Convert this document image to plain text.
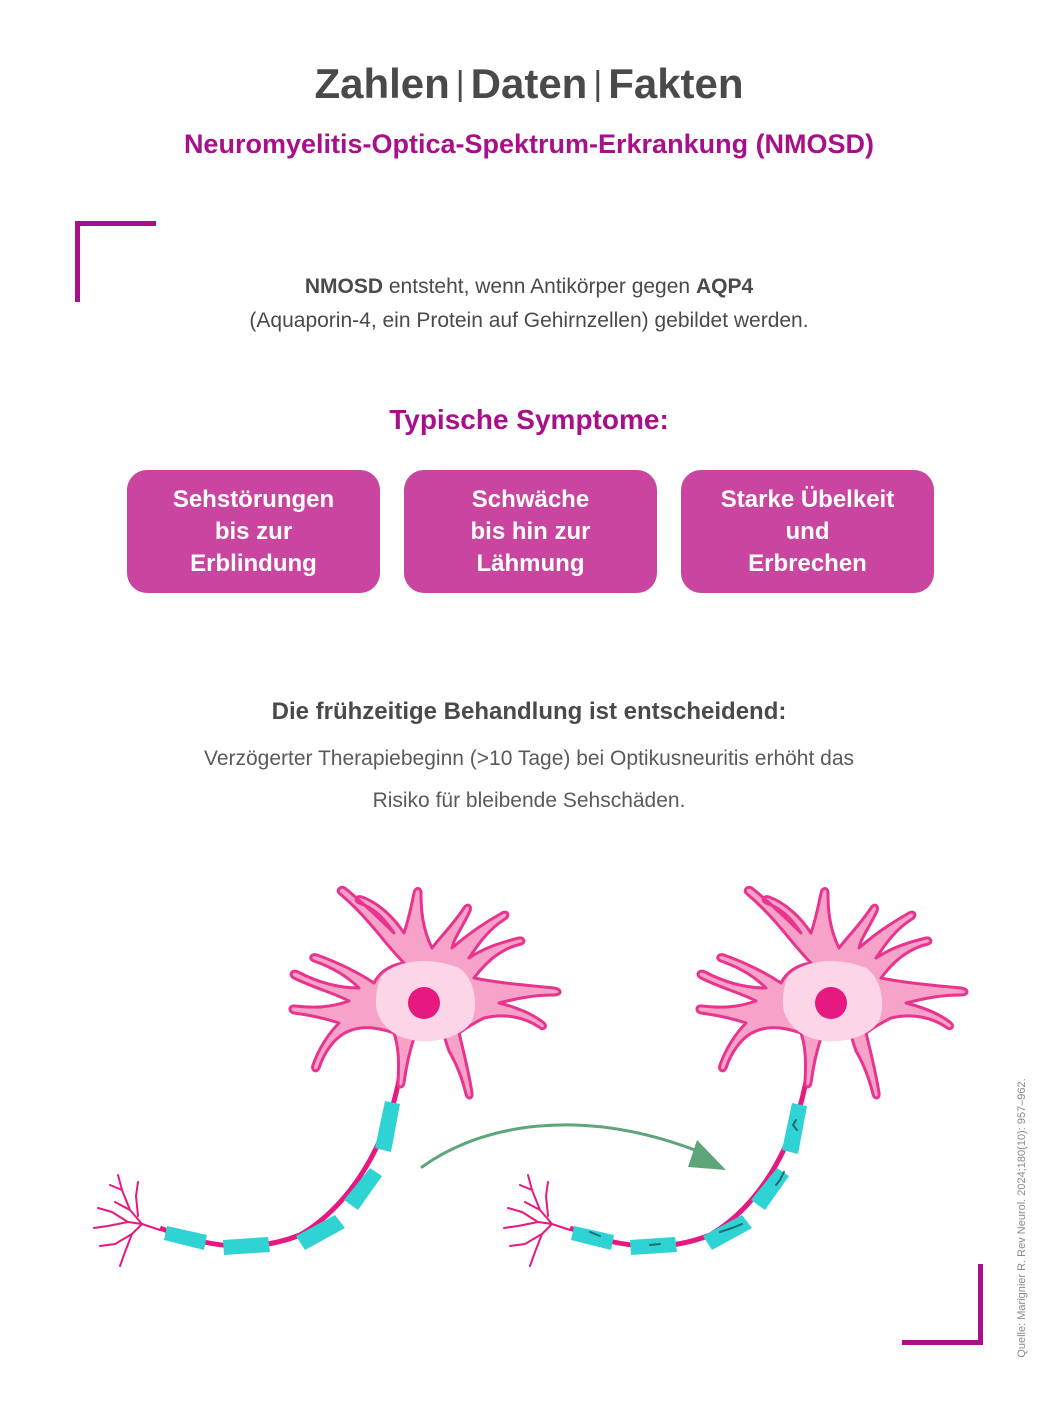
Zahlen | Daten | Fakten
Neuromyelitis-Optica-Spektrum-Erkrankung (NMOSD)
NMOSD entsteht, wenn Antikörper gegen AQP4
(Aquaporin-4, ein Protein auf Gehirnzellen) gebildet werden.
Typische Symptome:
Sehstörungen
bis zur
Erblindung
Schwäche
bis hin zur
Lähmung
Starke Übelkeit
und
Erbrechen
Die frühzeitige Behandlung ist entscheidend:
Verzögerter Therapiebeginn (>10 Tage) bei Optikusneuritis erhöht das
Risiko für bleibende Sehschäden.
Quelle: Marignier R. Rev Neurol. 2024;180(10): 957–962.
